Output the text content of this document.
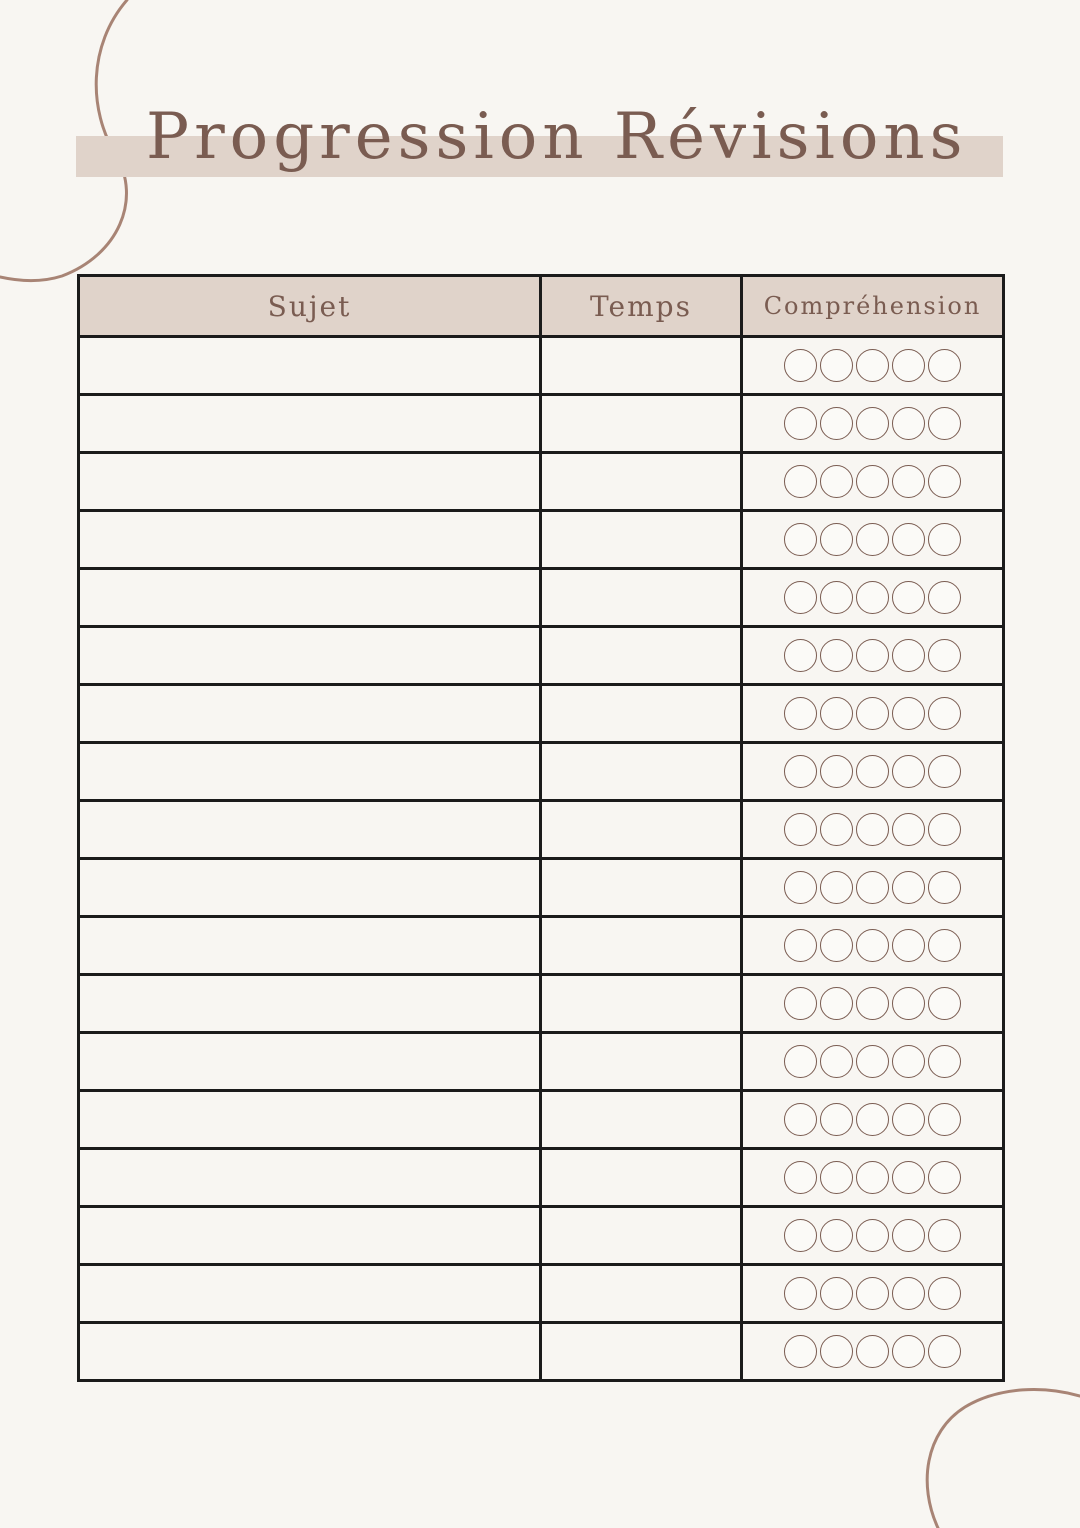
Progression Révisions
Sujet	Temps	Compréhension
